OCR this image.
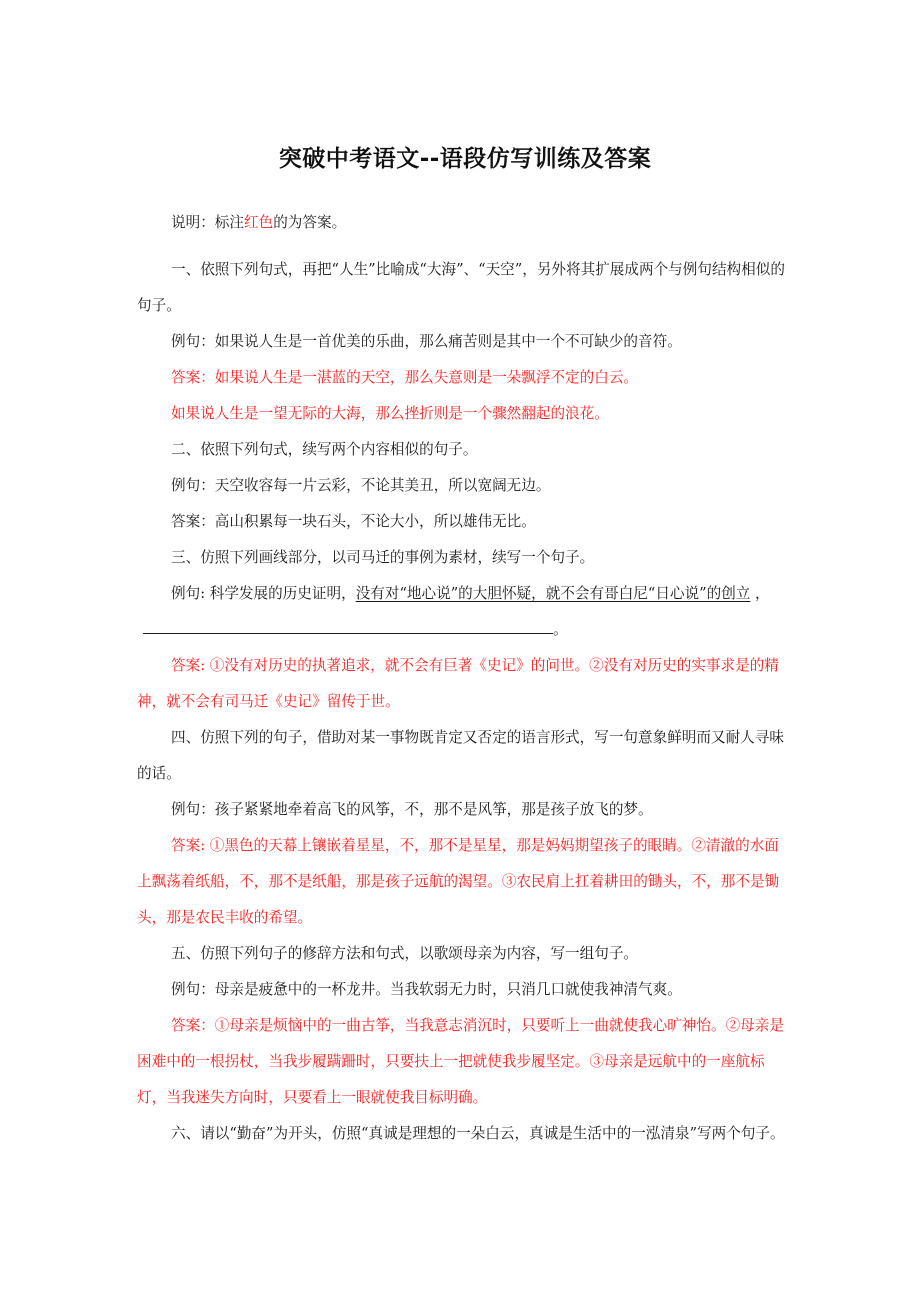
突破中考语文--语段仿写训练及答案

说明：标注红色的为答案。

一、依照下列句式，再把“人生”比喻成“大海”、“天空”，另外将其扩展成两个与例句结构相似的句子。

例句：如果说人生是一首优美的乐曲，那么痛苦则是其中一个不可缺少的音符。

答案：如果说人生是一湛蓝的天空，那么失意则是一朵飘浮不定的白云。

如果说人生是一望无际的大海，那么挫折则是一个骤然翻起的浪花。

二、依照下列句式，续写两个内容相似的句子。

例句：天空收容每一片云彩，不论其美丑，所以宽阔无边。

答案：高山积累每一块石头，不论大小，所以雄伟无比。

三、仿照下列画线部分，以司马迁的事例为素材，续写一个句子。

例句: 科学发展的历史证明，没有对“地心说”的大胆怀疑，就不会有哥白尼“日心说”的创立 ，。

答案: ①没有对历史的执著追求，就不会有巨著《史记》的问世。②没有对历史的实事求是的精神，就不会有司马迁《史记》留传于世。

四、仿照下列的句子，借助对某一事物既肯定又否定的语言形式，写一句意象鲜明而又耐人寻味的话。

例句：孩子紧紧地牵着高飞的风筝，不，那不是风筝，那是孩子放飞的梦。

答案: ①黑色的天幕上镶嵌着星星，不，那不是星星，那是妈妈期望孩子的眼睛。②清澈的水面上飘荡着纸船，不，那不是纸船，那是孩子远航的渴望。③农民肩上扛着耕田的锄头，不，那不是锄头，那是农民丰收的希望。

五、仿照下列句子的修辞方法和句式，以歌颂母亲为内容，写一组句子。

例句：母亲是疲惫中的一杯龙井。当我软弱无力时，只消几口就使我神清气爽。

答案：①母亲是烦恼中的一曲古筝，当我意志消沉时，只要听上一曲就使我心旷神怡。②母亲是困难中的一根拐杖，当我步履蹒跚时，只要扶上一把就使我步履坚定。③母亲是远航中的一座航标灯，当我迷失方向时，只要看上一眼就使我目标明确。

六、请以“勤奋”为开头，仿照“真诚是理想的一朵白云，真诚是生活中的一泓清泉”写两个句子。
